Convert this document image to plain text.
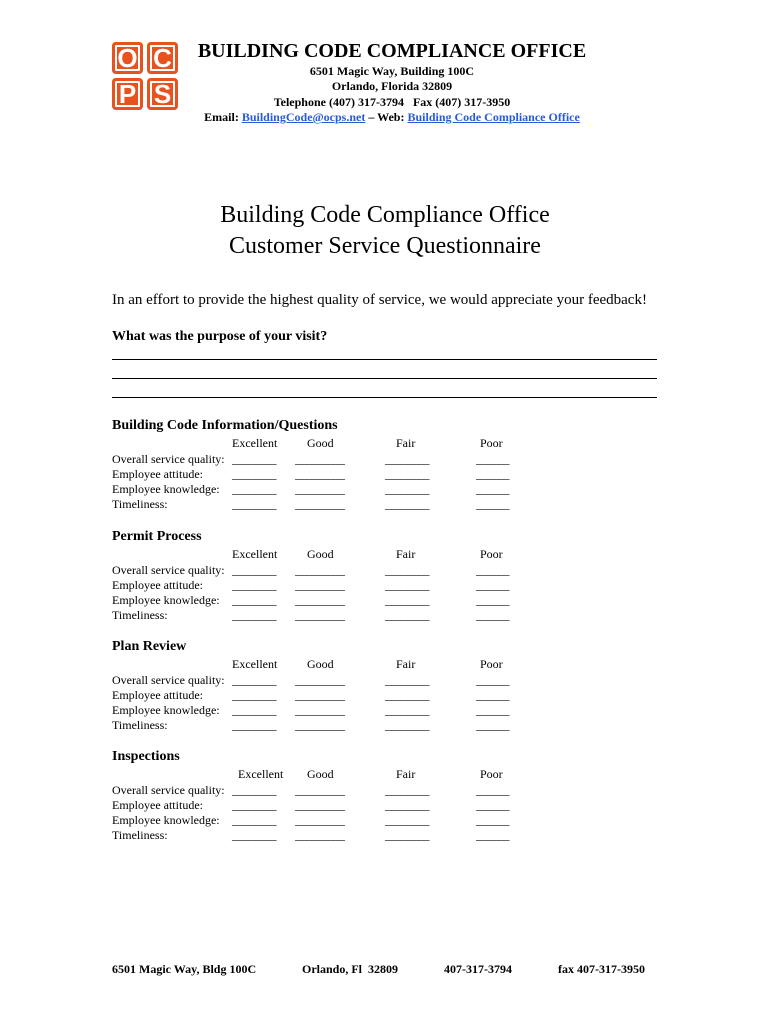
O C
P S
BUILDING CODE COMPLIANCE OFFICE
6501 Magic Way, Building 100C
Orlando, Florida 32809
Telephone (407) 317-3794   Fax (407) 317-3950
Email: BuildingCode@ocps.net – Web: Building Code Compliance Office
Building Code Compliance Office
Customer Service Questionnaire
In an effort to provide the highest quality of service, we would appreciate your feedback!
What was the purpose of your visit?
Building Code Information/Questions
Excellent Good	Fair	Poor
Overall service quality: ________ _________	________	______
Employee attitude: ________ _________	________	______
Employee knowledge: ________ _________	________	______
Timeliness:	________ _________	________	______
Permit Process
Excellent Good	Fair	Poor
Overall service quality: ________ _________	________	______
Employee attitude: ________ _________	________	______
Employee knowledge: ________ _________	________	______
Timeliness:	________ _________	________	______
Plan Review
Excellent Good	Fair	Poor
Overall service quality: ________ _________	________	______
Employee attitude: ________ _________	________	______
Employee knowledge: ________ _________	________	______
Timeliness:	________ _________	________	______
Inspections
Excellent Good	Fair	Poor
Overall service quality: ________ _________	________	______
Employee attitude: ________ _________	________	______
Employee knowledge: ________ _________	________	______
Timeliness:	________ _________	________	______
6501 Magic Way, Bldg 100C	Orlando, Fl  32809	407-317-3794	fax 407-317-3950
